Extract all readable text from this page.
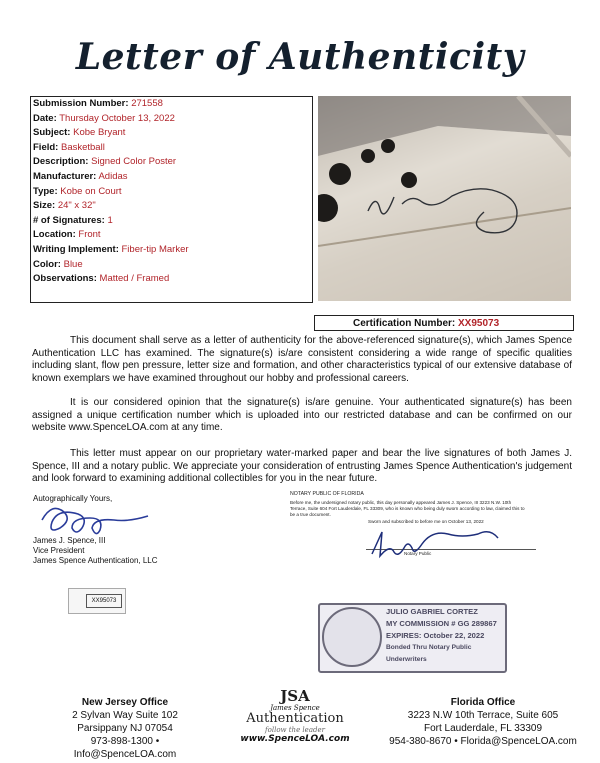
Letter of Authenticity
Submission Number: 271558
Date: Thursday October 13, 2022
Subject: Kobe Bryant
Field: Basketball
Description: Signed Color Poster
Manufacturer: Adidas
Type: Kobe on Court
Size: 24" x 32"
# of Signatures: 1
Location: Front
Writing Implement: Fiber-tip Marker
Color: Blue
Observations: Matted / Framed
Certification Number: XX95073
This document shall serve as a letter of authenticity for the above-referenced signature(s), which James Spence Authentication LLC has examined. The signature(s) is/are consistent considering a wide range of specific qualities including slant, flow pen pressure, letter size and formation, and other characteristics typical of our extensive database of known exemplars we have examined throughout our hobby and professional careers.
It is our considered opinion that the signature(s) is/are genuine. Your authenticated signature(s) has been assigned a unique certification number which is uploaded into our restricted database and can be confirmed on our website www.SpenceLOA.com at any time.
This letter must appear on our proprietary water-marked paper and bear the live signatures of both James J. Spence, III and a notary public. We appreciate your consideration of entrusting James Spence Authentication's judgement and look forward to examining additional collectibles for you in the near future.
Autographically Yours,
James J. Spence, III
Vice President
James Spence Authentication, LLC
XX95073
NOTARY PUBLIC OF FLORIDA
Before me, the undersigned notary public, this day personally appeared James J. Spence, III 3223 N.W. 10th
Terrace, Suite 604 Fort Lauderdale, FL 33309, who is known who being duly sworn according to law, claimed this to
be a true document.
Sworn and subscribed to before me on October 13, 2022
Notary Public
JULIO GABRIEL CORTEZ
MY COMMISSION # GG 289867
EXPIRES: October 22, 2022
Bonded Thru Notary Public Underwriters
New Jersey Office
2 Sylvan Way Suite 102
Parsippany NJ 07054
973-898-1300 • Info@SpenceLOA.com
JSA
James Spence
Authentication
follow the leader
www.SpenceLOA.com
Florida Office
3223 N.W 10th Terrace, Suite 605
Fort Lauderdale, FL 33309
954-380-8670 • Florida@SpenceLOA.com
